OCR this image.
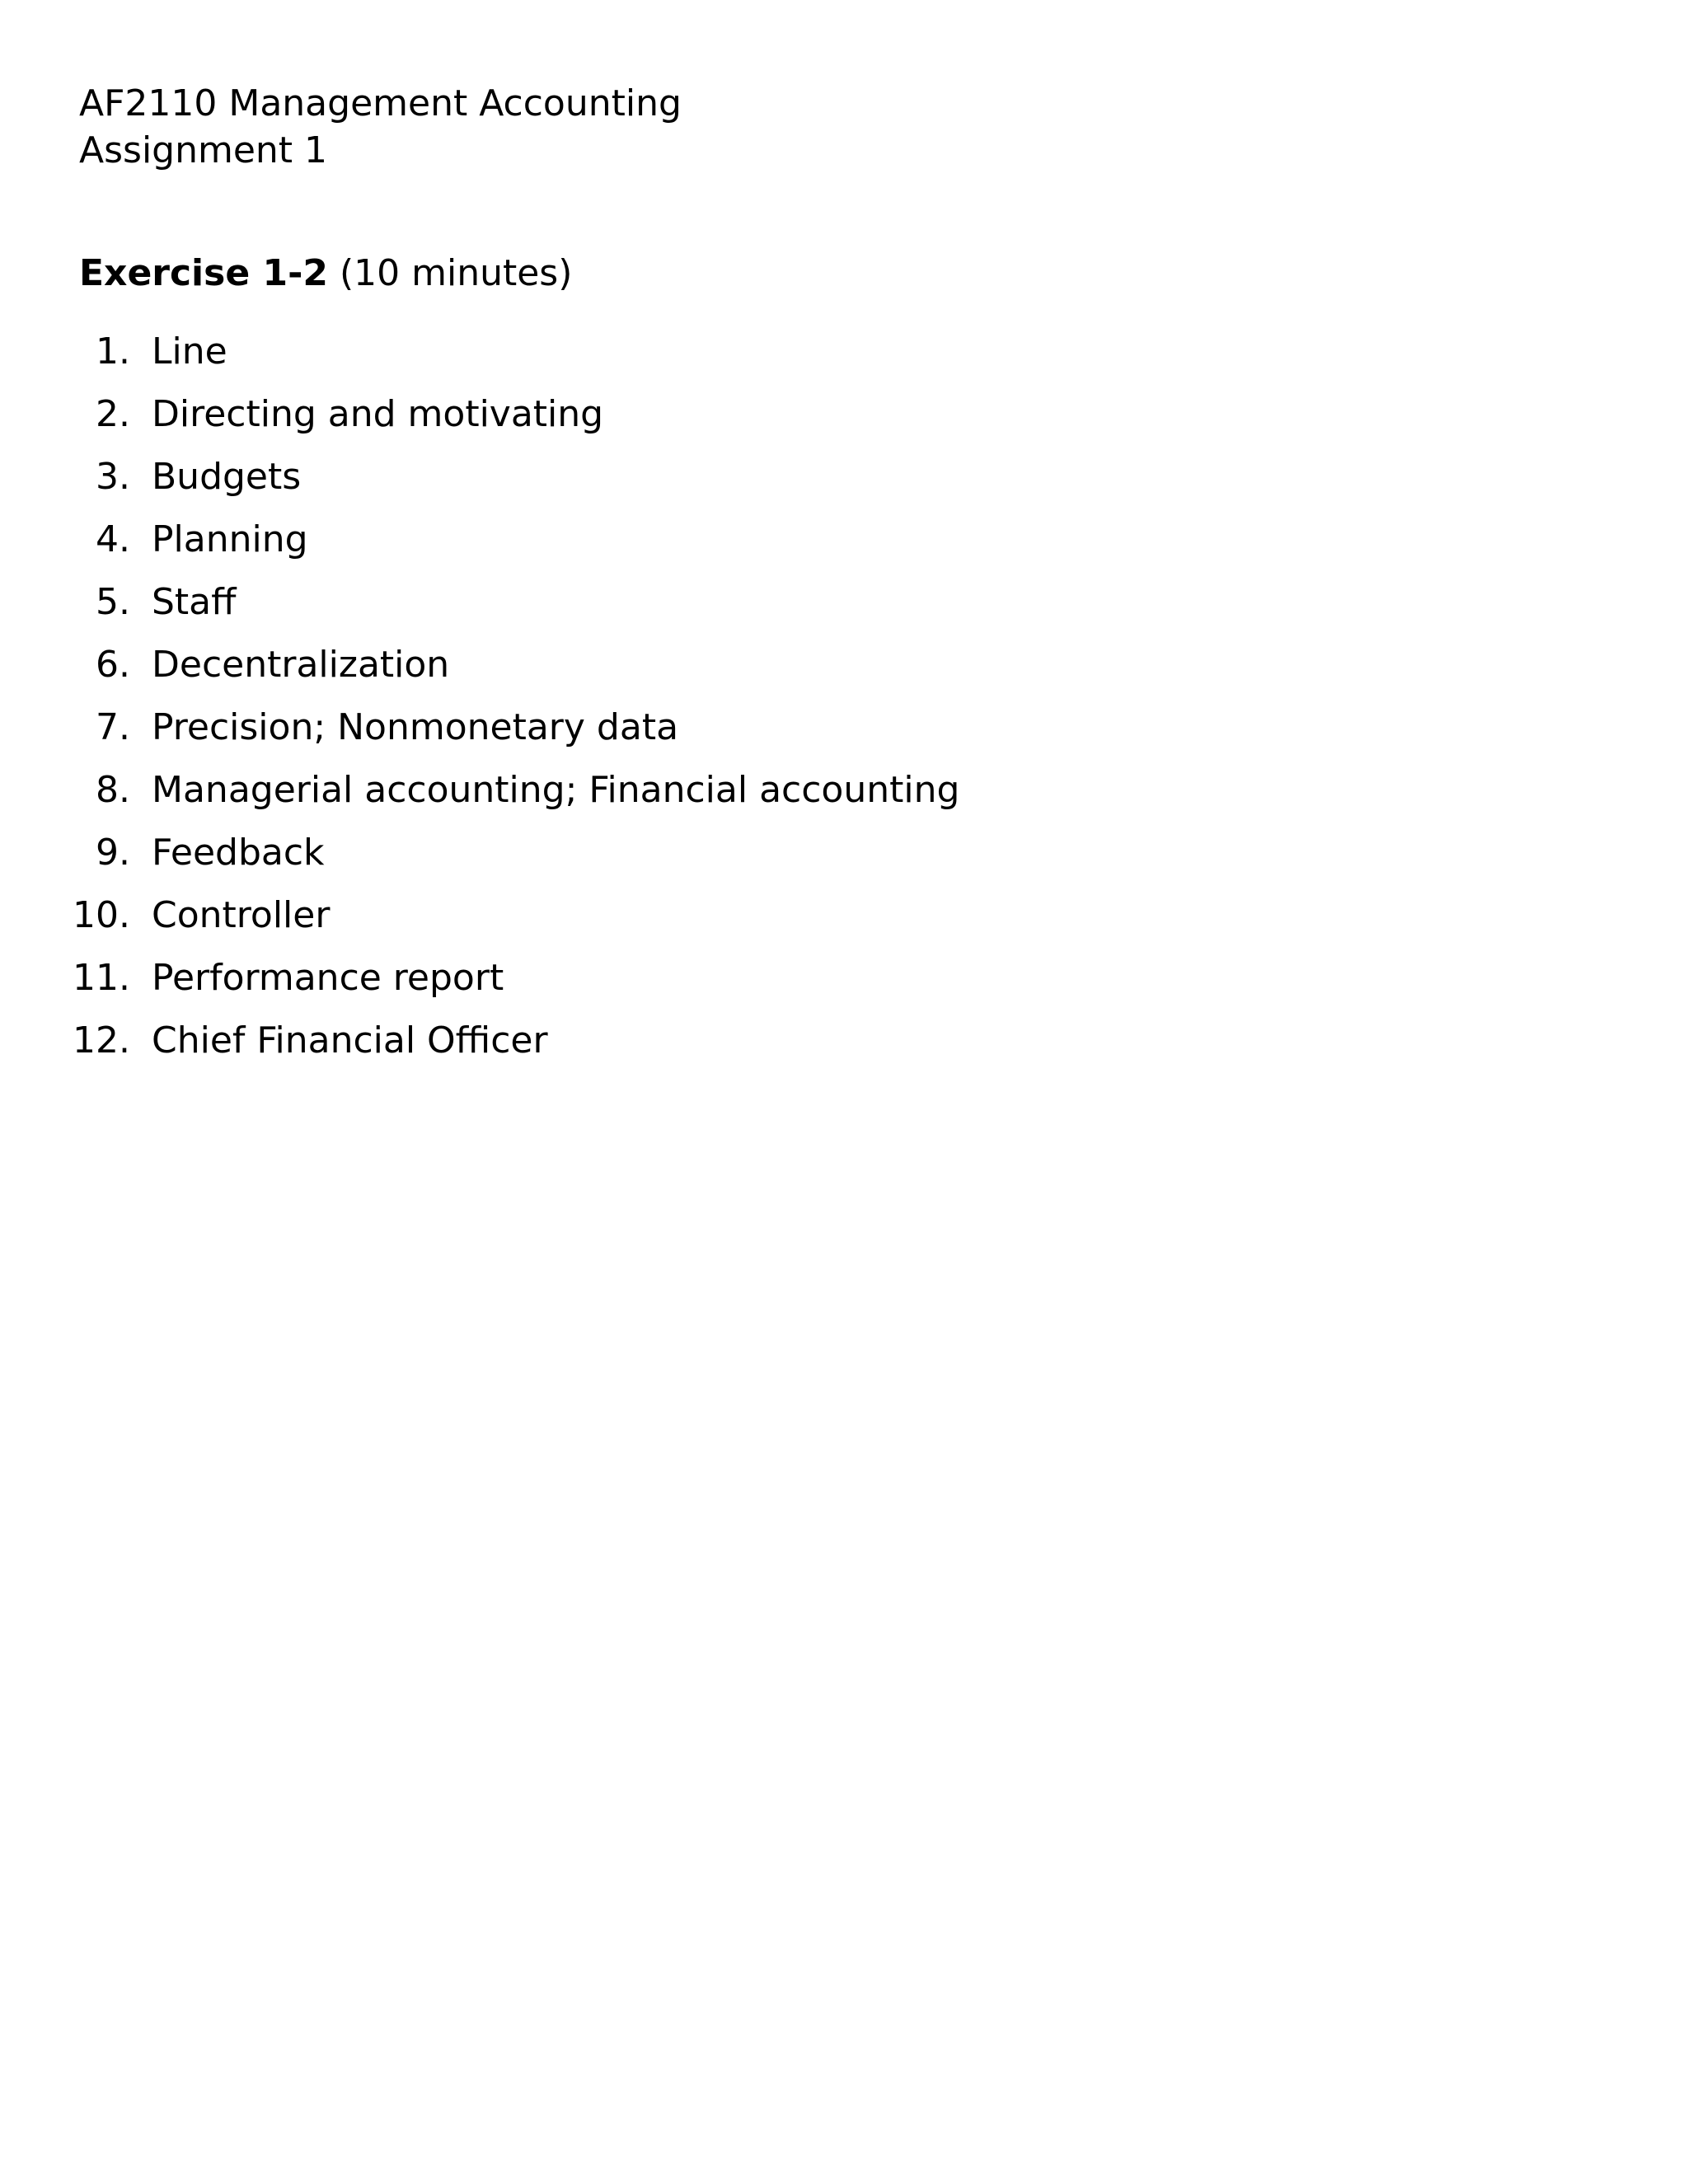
AF2110 Management Accounting
Assignment 1
Exercise 1-2 (10 minutes)
1. Line
2. Directing and motivating
3. Budgets
4. Planning
5. Staff
6. Decentralization
7. Precision; Nonmonetary data
8. Managerial accounting; Financial accounting
9. Feedback
10. Controller
11. Performance report
12. Chief Financial Officer
